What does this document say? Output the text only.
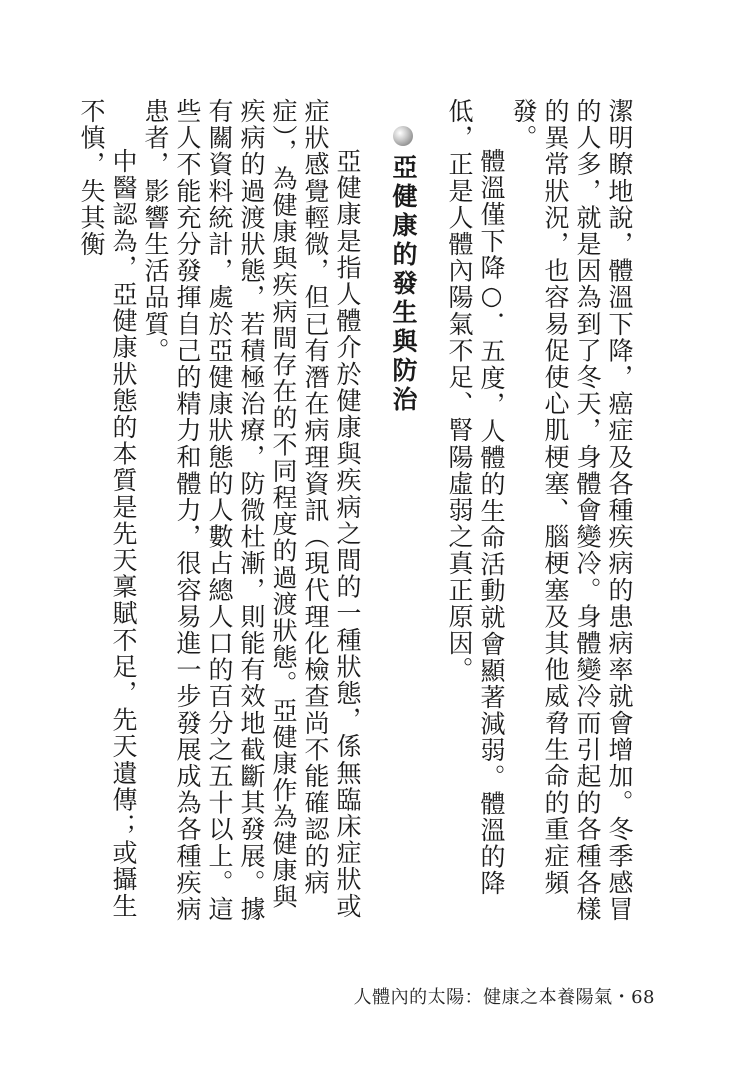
潔明瞭地說，體溫下降，癌症及各種疾病的患病率就會增加。冬季感冒的人多，就是因為到了冬天，身體會變冷。身體變冷而引起的各種各樣的異常狀況，也容易促使心肌梗塞、腦梗塞及其他威脅生命的重症頻發。

體溫僅下降○．五度，人體的生命活動就會顯著減弱。體溫的降低，正是人體內陽氣不足、腎陽虛弱之真正原因。

亞健康的發生與防治

亞健康是指人體介於健康與疾病之間的一種狀態，係無臨床症狀或症狀感覺輕微，但已有潛在病理資訊（現代理化檢查尚不能確認的病症），為健康與疾病間存在的不同程度的過渡狀態。亞健康作為健康與疾病的過渡狀態，若積極治療，防微杜漸，則能有效地截斷其發展。據有關資料統計，處於亞健康狀態的人數占總人口的百分之五十以上。這些人不能充分發揮自己的精力和體力，很容易進一步發展成為各種疾病患者，影響生活品質。

中醫認為，亞健康狀態的本質是先天稟賦不足，先天遺傳；或攝生不慎，失其衡

人體內的太陽：健康之本養陽氣・68
